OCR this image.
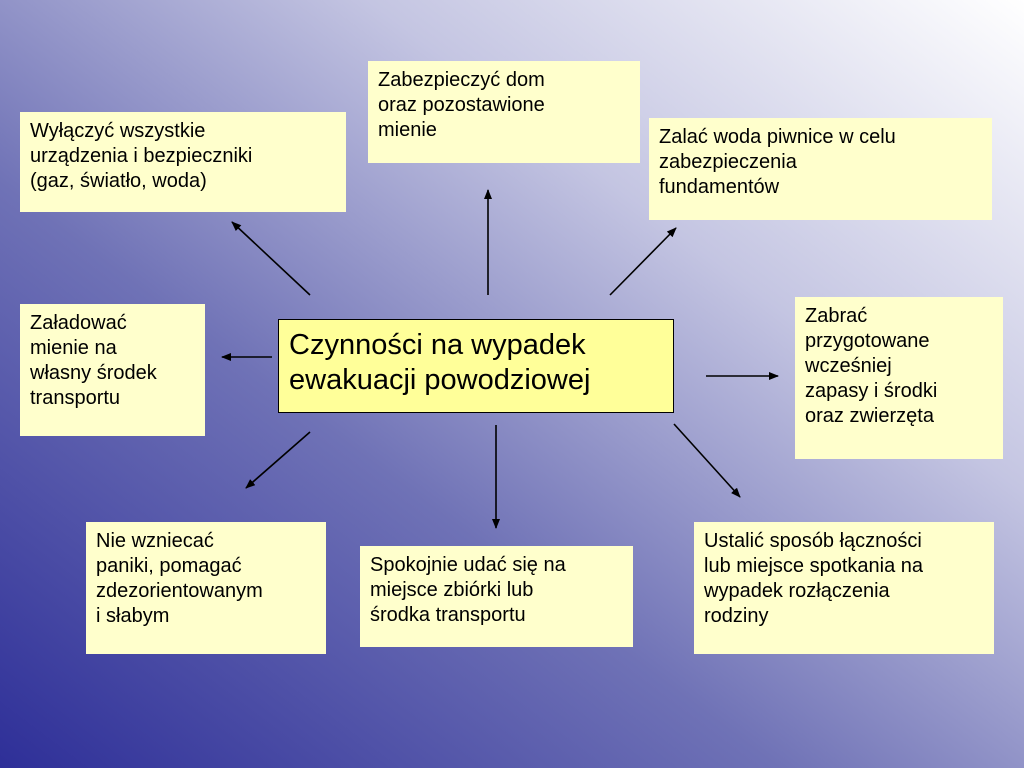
Czynności na wypadek
ewakuacji powodziowej
Wyłączyć wszystkie
urządzenia i bezpieczniki
(gaz, światło, woda)
Zabezpieczyć dom
oraz pozostawione
mienie	Zalać woda piwnice w celu
zabezpieczenia
fundamentów
Załadować
mienie na
własny środek
transportu
Zabrać
przygotowane
wcześniej
zapasy i środki
oraz zwierzęta
Nie wzniecać
paniki, pomagać
zdezorientowanym
i słabym
Spokojnie udać się na
miejsce zbiórki lub
środka transportu
Ustalić sposób łączności
lub miejsce spotkania na
wypadek rozłączenia
rodziny
